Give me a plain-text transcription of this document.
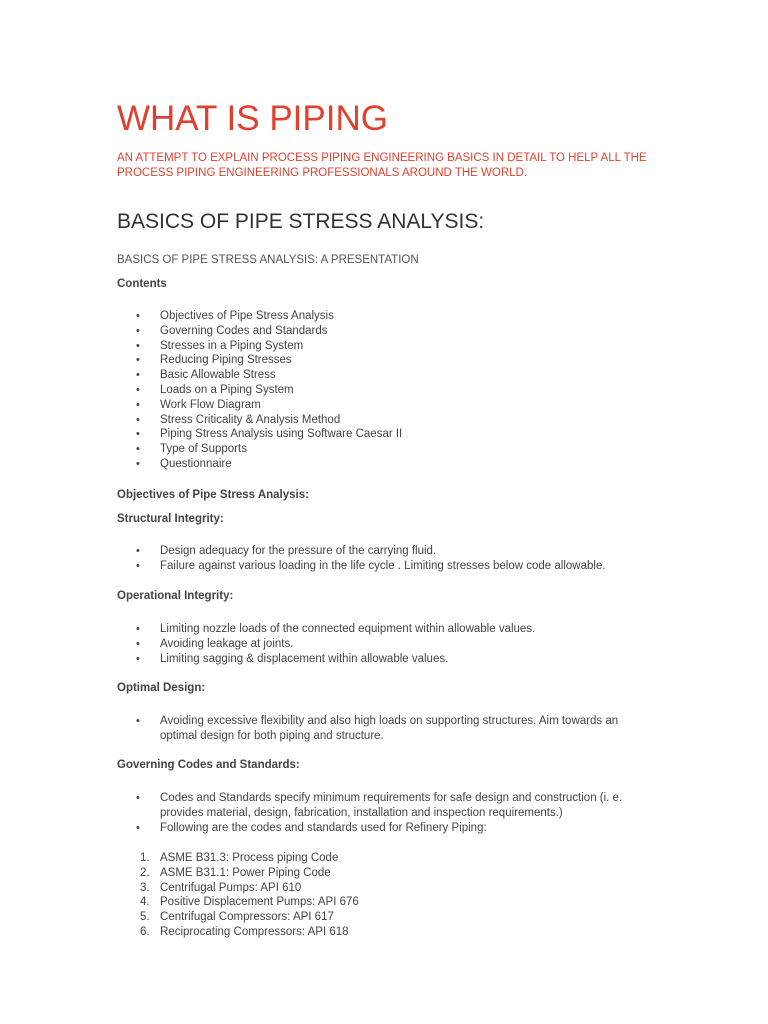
WHAT IS PIPING

AN ATTEMPT TO EXPLAIN PROCESS PIPING ENGINEERING BASICS IN DETAIL TO HELP ALL THE PROCESS PIPING ENGINEERING PROFESSIONALS AROUND THE WORLD.

BASICS OF PIPE STRESS ANALYSIS:
BASICS OF PIPE STRESS ANALYSIS: A PRESENTATION
Contents
• Objectives of Pipe Stress Analysis
• Governing Codes and Standards
• Stresses in a Piping System
• Reducing Piping Stresses
• Basic Allowable Stress
• Loads on a Piping System
• Work Flow Diagram
• Stress Criticality & Analysis Method
• Piping Stress Analysis using Software Caesar II
• Type of Supports
• Questionnaire
Objectives of Pipe Stress Analysis:
Structural Integrity:
• Design adequacy for the pressure of the carrying fluid.
• Failure against various loading in the life cycle . Limiting stresses below code allowable.
Operational Integrity:
• Limiting nozzle loads of the connected equipment within allowable values.
• Avoiding leakage at joints.
• Limiting sagging & displacement within allowable values.
Optimal Design:
• Avoiding excessive flexibility and also high loads on supporting structures. Aim towards an optimal design for both piping and structure.
Governing Codes and Standards:
• Codes and Standards specify minimum requirements for safe design and construction (i. e. provides material, design, fabrication, installation and inspection requirements.)
• Following are the codes and standards used for Refinery Piping:
1. ASME B31.3: Process piping Code
2. ASME B31.1: Power Piping Code
3. Centrifugal Pumps: API 610
4. Positive Displacement Pumps: API 676
5. Centrifugal Compressors: API 617
6. Reciprocating Compressors: API 618
